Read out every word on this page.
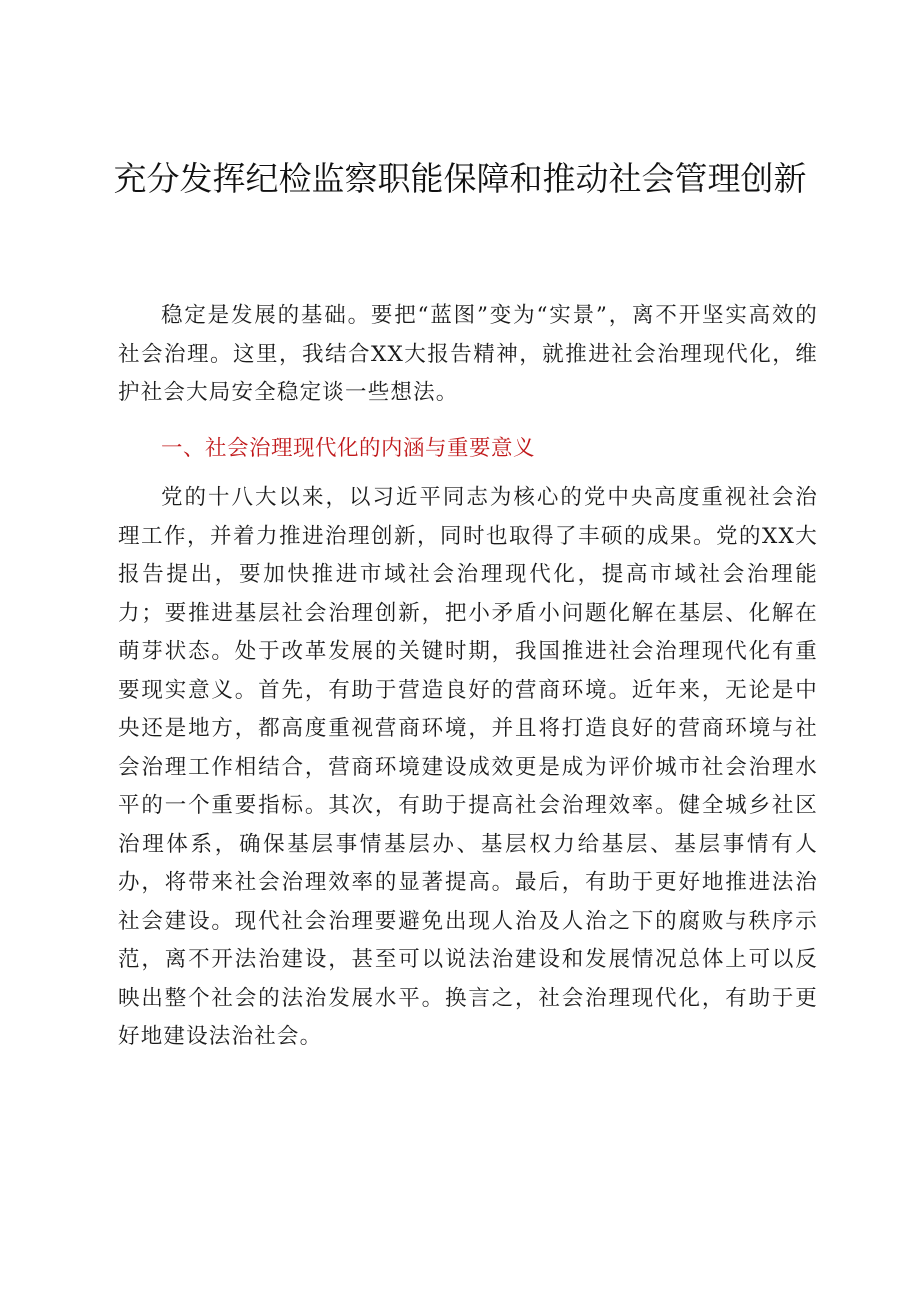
充分发挥纪检监察职能保障和推动社会管理创新

稳定是发展的基础。要把“蓝图”变为“实景”，离不开坚实高效的社会治理。这里，我结合XX大报告精神，就推进社会治理现代化，维护社会大局安全稳定谈一些想法。

一、社会治理现代化的内涵与重要意义

党的十八大以来，以习近平同志为核心的党中央高度重视社会治理工作，并着力推进治理创新，同时也取得了丰硕的成果。党的XX大报告提出，要加快推进市域社会治理现代化，提高市域社会治理能力；要推进基层社会治理创新，把小矛盾小问题化解在基层、化解在萌芽状态。处于改革发展的关键时期，我国推进社会治理现代化有重要现实意义。首先，有助于营造良好的营商环境。近年来，无论是中央还是地方，都高度重视营商环境，并且将打造良好的营商环境与社会治理工作相结合，营商环境建设成效更是成为评价城市社会治理水平的一个重要指标。其次，有助于提高社会治理效率。健全城乡社区治理体系，确保基层事情基层办、基层权力给基层、基层事情有人办，将带来社会治理效率的显著提高。最后，有助于更好地推进法治社会建设。现代社会治理要避免出现人治及人治之下的腐败与秩序示范，离不开法治建设，甚至可以说法治建设和发展情况总体上可以反映出整个社会的法治发展水平。换言之，社会治理现代化，有助于更好地建设法治社会。
